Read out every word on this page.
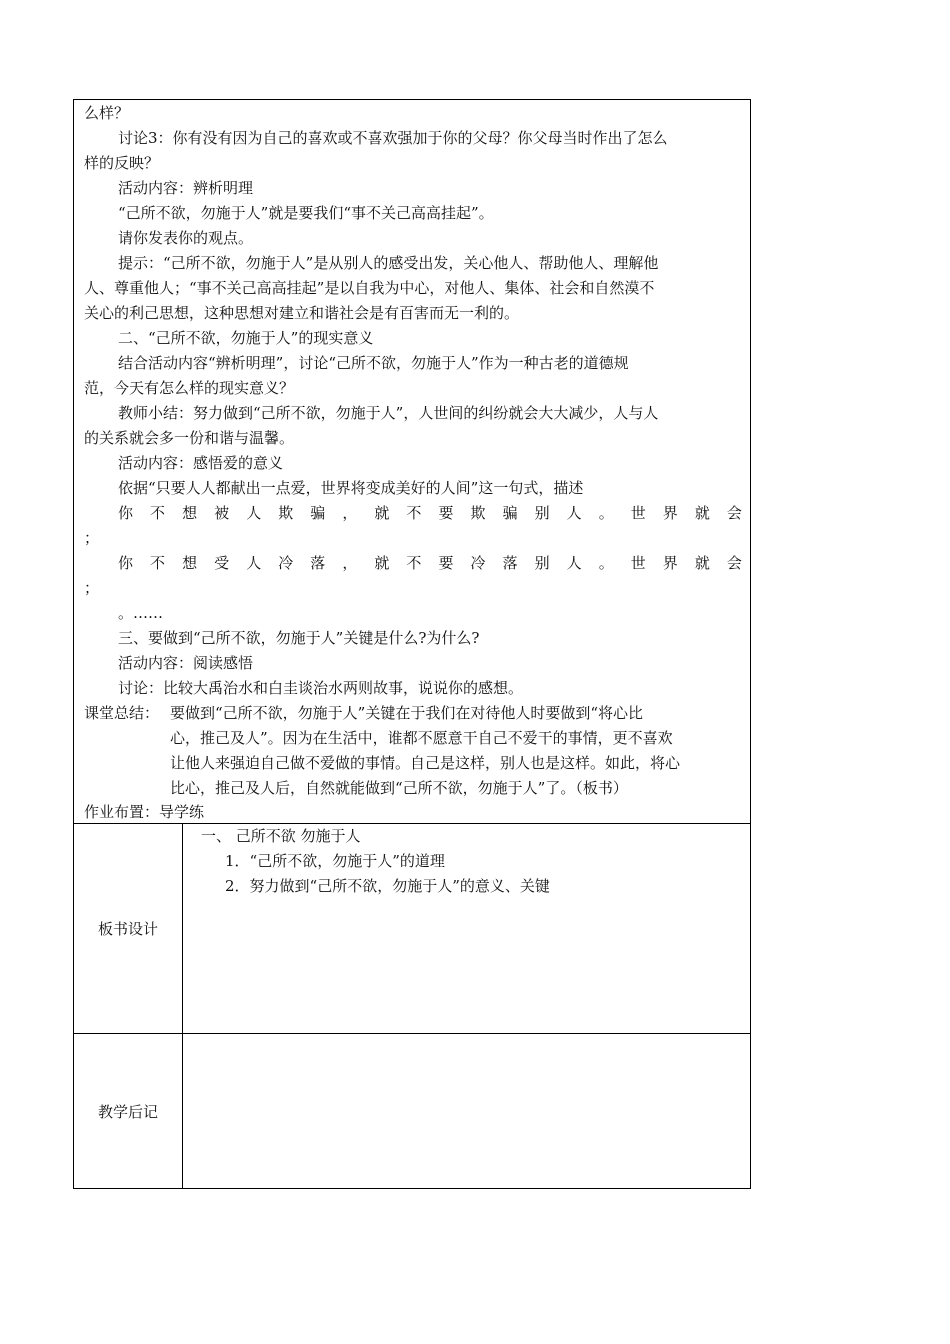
么样？
讨论3：你有没有因为自己的喜欢或不喜欢强加于你的父母？你父母当时作出了怎么
样的反映？
活动内容：辨析明理
“己所不欲，勿施于人”就是要我们“事不关己高高挂起”。
请你发表你的观点。
提示：“己所不欲，勿施于人”是从别人的感受出发，关心他人、帮助他人、理解他
人、尊重他人；“事不关己高高挂起”是以自我为中心，对他人、集体、社会和自然漠不
关心的利己思想，这种思想对建立和谐社会是有百害而无一利的。
二、“己所不欲，勿施于人”的现实意义
结合活动内容“辨析明理”，讨论“己所不欲，勿施于人”作为一种古老的道德规
范，今天有怎么样的现实意义？
教师小结：努力做到“己所不欲，勿施于人”，人世间的纠纷就会大大减少，人与人
的关系就会多一份和谐与温馨。
活动内容：感悟爱的意义
依据“只要人人都献出一点爱，世界将变成美好的人间”这一句式，描述
你 不 想 被 人 欺 骗 ， 就 不 要 欺 骗 别 人 。 世 界 就 会
；
你 不 想 受 人 冷 落 ， 就 不 要 冷 落 别 人 。 世 界 就 会
；
。……
三、要做到“己所不欲，勿施于人”关键是什么?为什么?
活动内容：阅读感悟
讨论：比较大禹治水和白圭谈治水两则故事，说说你的感想。
课堂总结： 要做到“己所不欲，勿施于人”关键在于我们在对待他人时要做到“将心比
心，推己及人”。因为在生活中，谁都不愿意干自己不爱干的事情，更不喜欢
让他人来强迫自己做不爱做的事情。自己是这样，别人也是这样。如此，将心
比心，推己及人后，自然就能做到“己所不欲，勿施于人”了。（板书）
作业布置：导学练
板书设计
一、 己所不欲 勿施于人
1．“己所不欲，勿施于人”的道理
2．努力做到“己所不欲，勿施于人”的意义、关键
教学后记
